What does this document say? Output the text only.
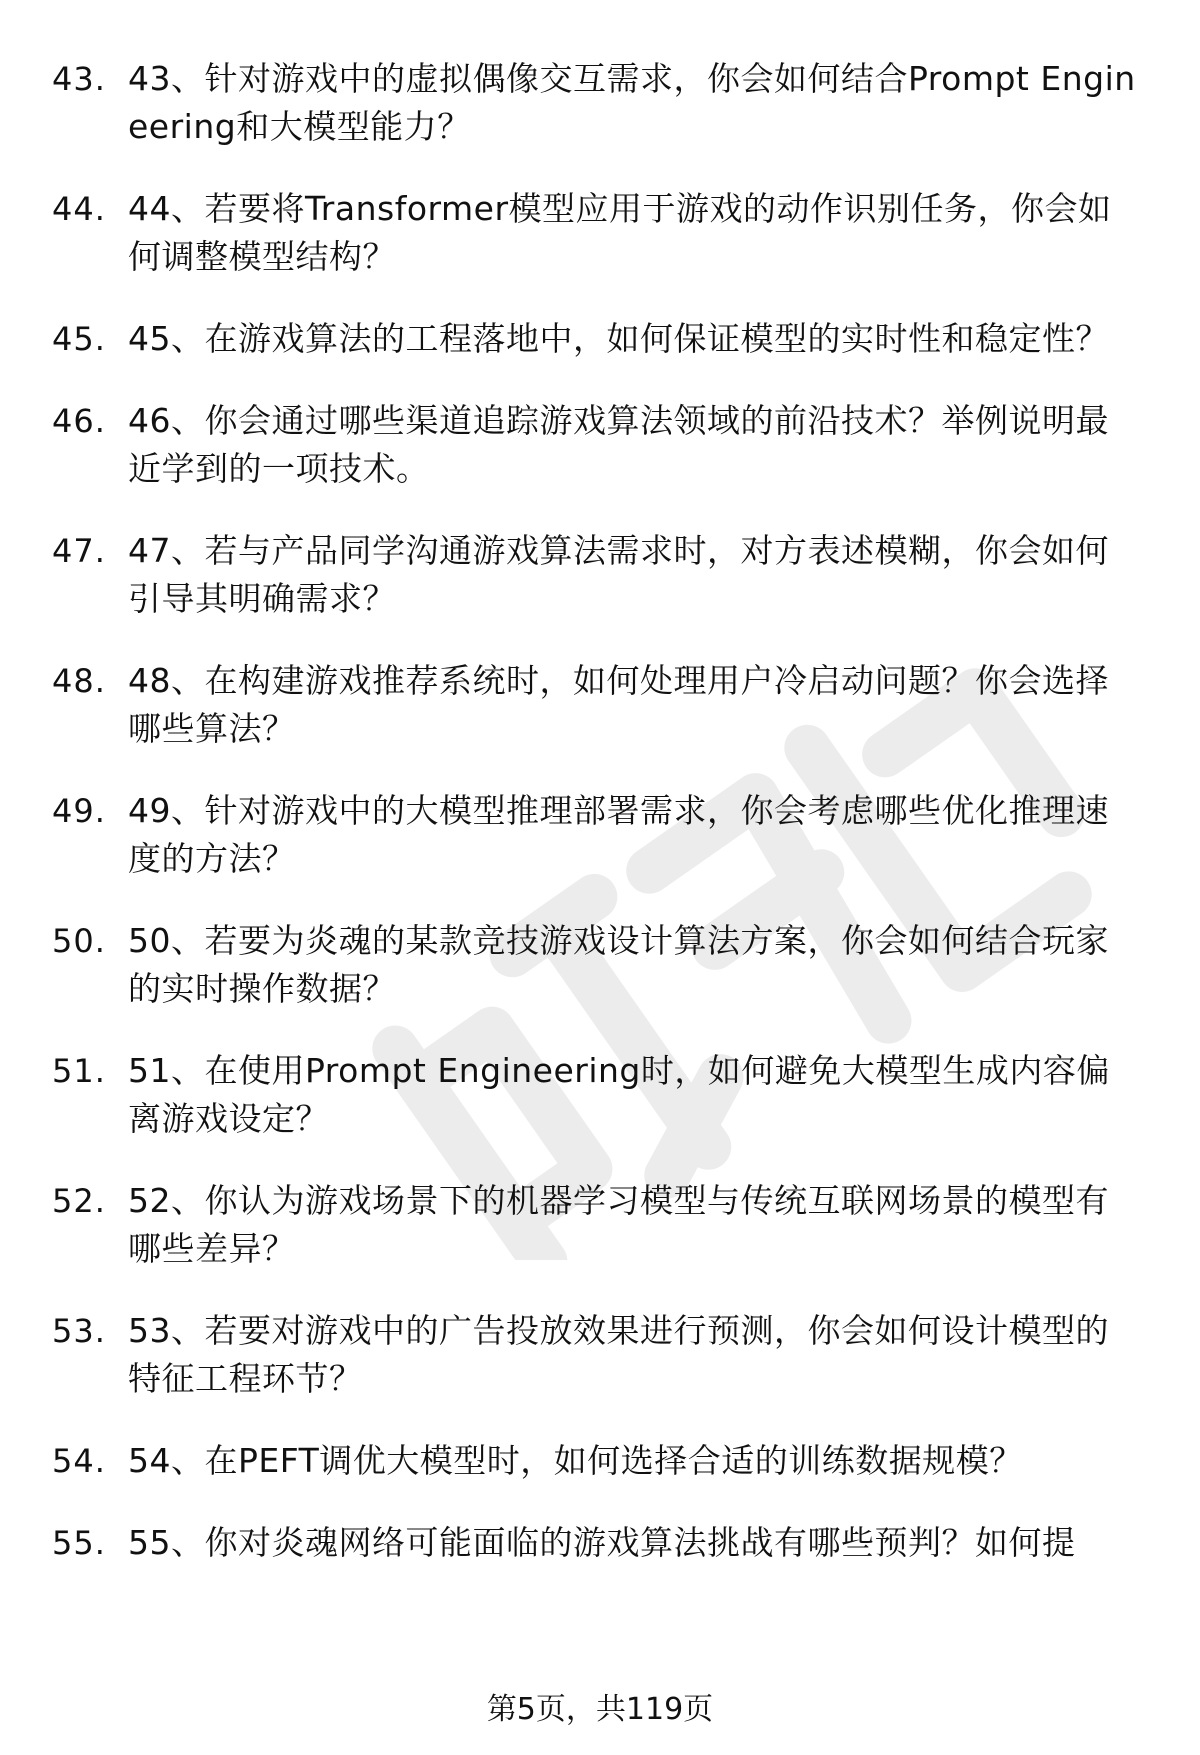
43. 43、针对游戏中的虚拟偶像交互需求，你会如何结合Prompt Engineering和大模型能力？
44. 44、若要将Transformer模型应用于游戏的动作识别任务，你会如何调整模型结构？
45. 45、在游戏算法的工程落地中，如何保证模型的实时性和稳定性？
46. 46、你会通过哪些渠道追踪游戏算法领域的前沿技术？举例说明最近学到的一项技术。
47. 47、若与产品同学沟通游戏算法需求时，对方表述模糊，你会如何引导其明确需求？
48. 48、在构建游戏推荐系统时，如何处理用户冷启动问题？你会选择哪些算法？
49. 49、针对游戏中的大模型推理部署需求，你会考虑哪些优化推理速度的方法？
50. 50、若要为炎魂的某款竞技游戏设计算法方案，你会如何结合玩家的实时操作数据？
51. 51、在使用Prompt Engineering时，如何避免大模型生成内容偏离游戏设定？
52. 52、你认为游戏场景下的机器学习模型与传统互联网场景的模型有哪些差异？
53. 53、若要对游戏中的广告投放效果进行预测，你会如何设计模型的特征工程环节？
54. 54、在PEFT调优大模型时，如何选择合适的训练数据规模？
55. 55、你对炎魂网络可能面临的游戏算法挑战有哪些预判？如何提
第5页，共119页
